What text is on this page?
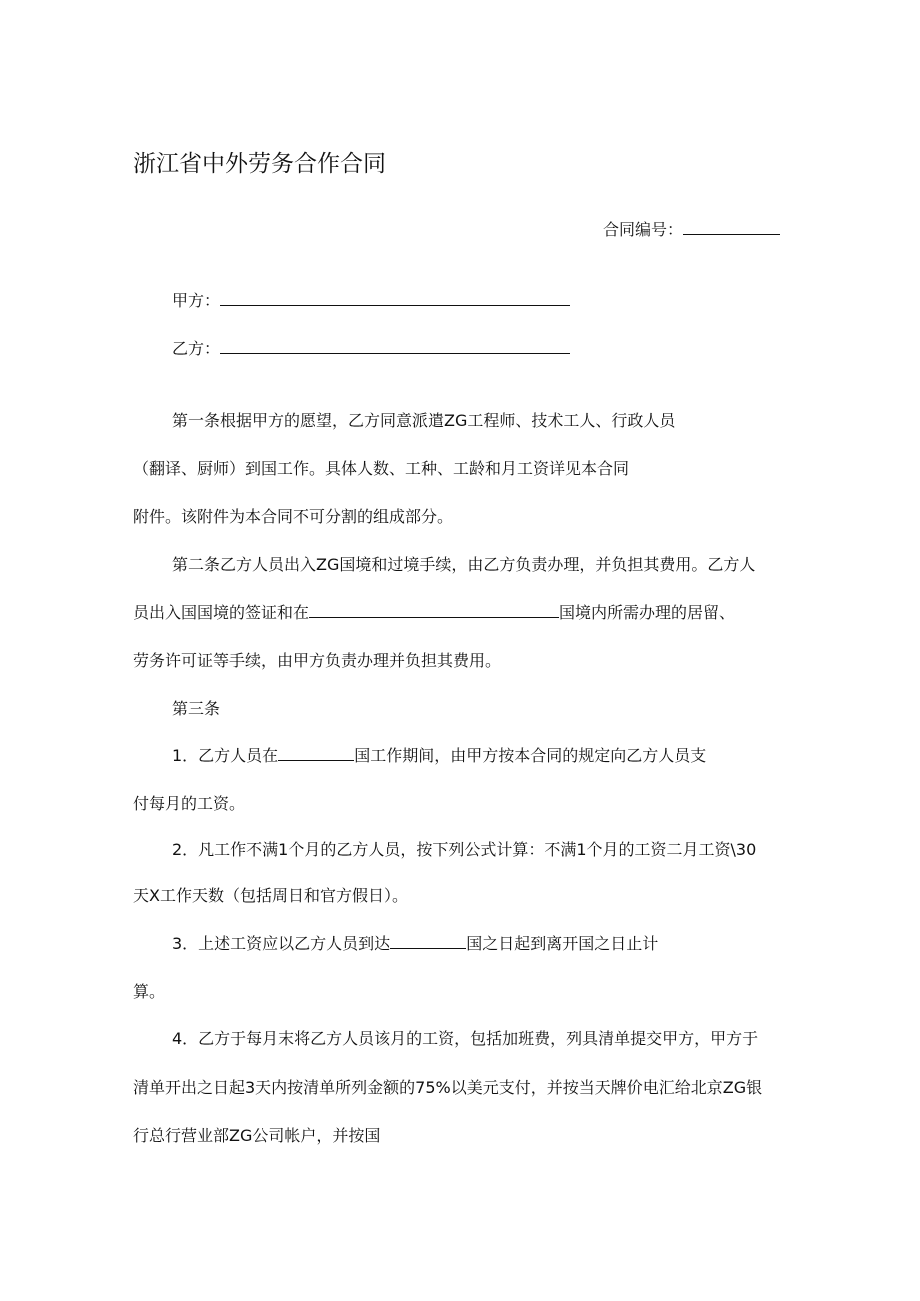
浙江省中外劳务合作合同
合同编号：
甲方：
乙方：
第一条根据甲方的愿望，乙方同意派遣ZG工程师、技术工人、行政人员
（翻译、厨师）到国工作。具体人数、工种、工龄和月工资详见本合同
附件。该附件为本合同不可分割的组成部分。
第二条乙方人员出入ZG国境和过境手续，由乙方负责办理，并负担其费用。乙方人
员出入国国境的签证和在	国境内所需办理的居留、
劳务许可证等手续，由甲方负责办理并负担其费用。
第三条
1．乙方人员在	国工作期间，由甲方按本合同的规定向乙方人员支
付每月的工资。
2．凡工作不满1个月的乙方人员，按下列公式计算：不满1个月的工资二月工资\30
天X工作天数（包括周日和官方假日）。
3．上述工资应以乙方人员到达	国之日起到离开国之日止计
算。
4．乙方于每月末将乙方人员该月的工资，包括加班费，列具清单提交甲方，甲方于
清单开出之日起3天内按清单所列金额的75%以美元支付，并按当天牌价电汇给北京ZG银
行总行营业部ZG公司帐户，并按国
